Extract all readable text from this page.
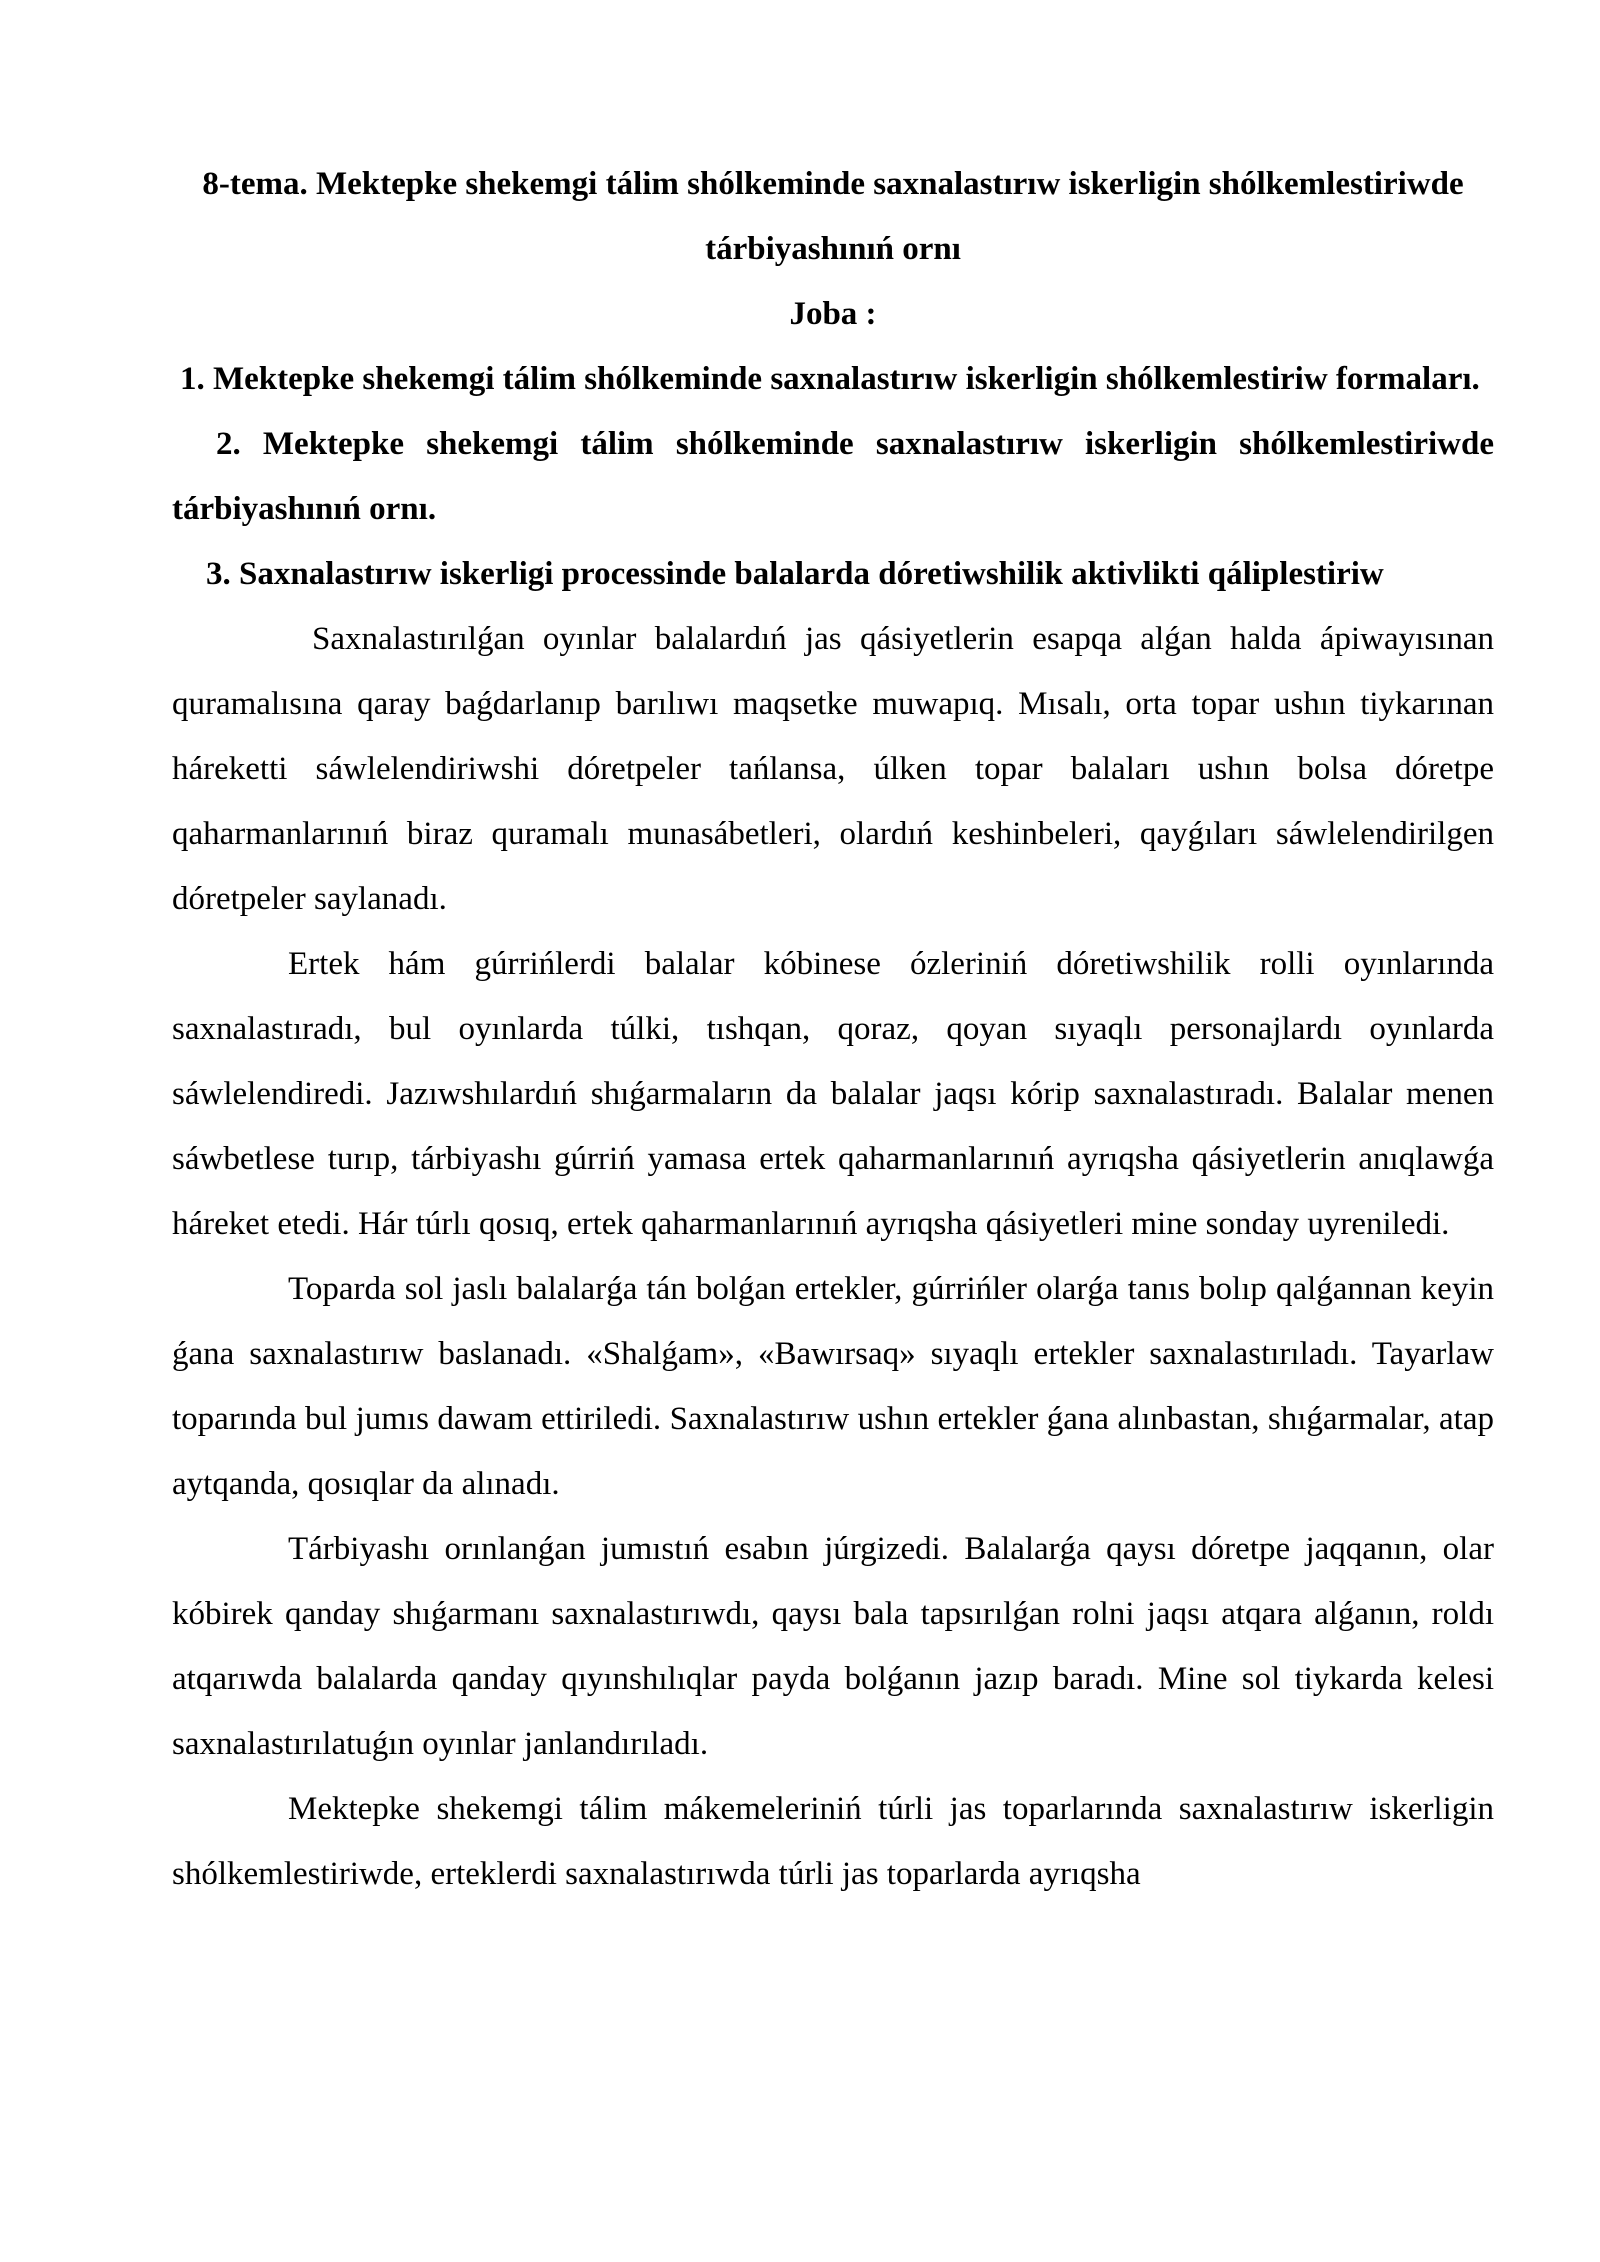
8-tema. Mektepke shekemgi tálim shólkeminde saxnalastırıw iskerligin shólkemlestiriwde tárbiyashınıń ornı

Joba :

1. Mektepke shekemgi tálim shólkeminde saxnalastırıw iskerligin shólkemlestiriw formaları.

2. Mektepke shekemgi tálim shólkeminde saxnalastırıw iskerligin shólkemlestiriwde tárbiyashınıń ornı.

3. Saxnalastırıw iskerligi processinde balalarda dóretiwshilik aktivlikti qáliplestiriw

Saxnalastırılǵan oyınlar balalardıń jas qásiyetlerin esapqa alǵan halda ápiwayısınan quramalısına qaray baǵdarlanıp barılıwı maqsetke muwapıq. Mısalı, orta topar ushın tiykarınan háreketti sáwlelendiriwshi dóretpeler tańlansa, úlken topar balaları ushın bolsa dóretpe qaharmanlarınıń biraz quramalı munasábetleri, olardıń keshinbeleri, qayǵıları sáwlelendirilgen dóretpeler saylanadı.

Ertek hám gúrrińlerdi balalar kóbinese ózleriniń dóretiwshilik rolli oyınlarında saxnalastıradı, bul oyınlarda túlki, tıshqan, qoraz, qoyan sıyaqlı personajlardı oyınlarda sáwlelendiredi. Jazıwshılardıń shıǵarmaların da balalar jaqsı kórip saxnalastıradı. Balalar menen sáwbetlese turıp, tárbiyashı gúrriń yamasa ertek qaharmanlarınıń ayrıqsha qásiyetlerin anıqlawǵa háreket etedi. Hár túrlı qosıq, ertek qaharmanlarınıń ayrıqsha qásiyetleri mine sonday uyreniledi.

Toparda sol jaslı balalarǵa tán bolǵan ertekler, gúrrińler olarǵa tanıs bolıp qalǵannan keyin ǵana saxnalastırıw baslanadı. «Shalǵam», «Bawırsaq» sıyaqlı ertekler saxnalastırıladı. Tayarlaw toparında bul jumıs dawam ettiriledi. Saxnalastırıw ushın ertekler ǵana alınbastan, shıǵarmalar, atap aytqanda, qosıqlar da alınadı.

Tárbiyashı orınlanǵan jumıstıń esabın júrgizedi. Balalarǵa qaysı dóretpe jaqqanın, olar kóbirek qanday shıǵarmanı saxnalastırıwdı, qaysı bala tapsırılǵan rolni jaqsı atqara alǵanın, roldı atqarıwda balalarda qanday qıyınshılıqlar payda bolǵanın jazıp baradı. Mine sol tiykarda kelesi saxnalastırılatuǵın oyınlar janlandırıladı.

Mektepke shekemgi tálim mákemeleriniń túrli jas toparlarında saxnalastırıw iskerligin shólkemlestiriwde, erteklerdi saxnalastırıwda túrli jas toparlarda ayrıqsha
